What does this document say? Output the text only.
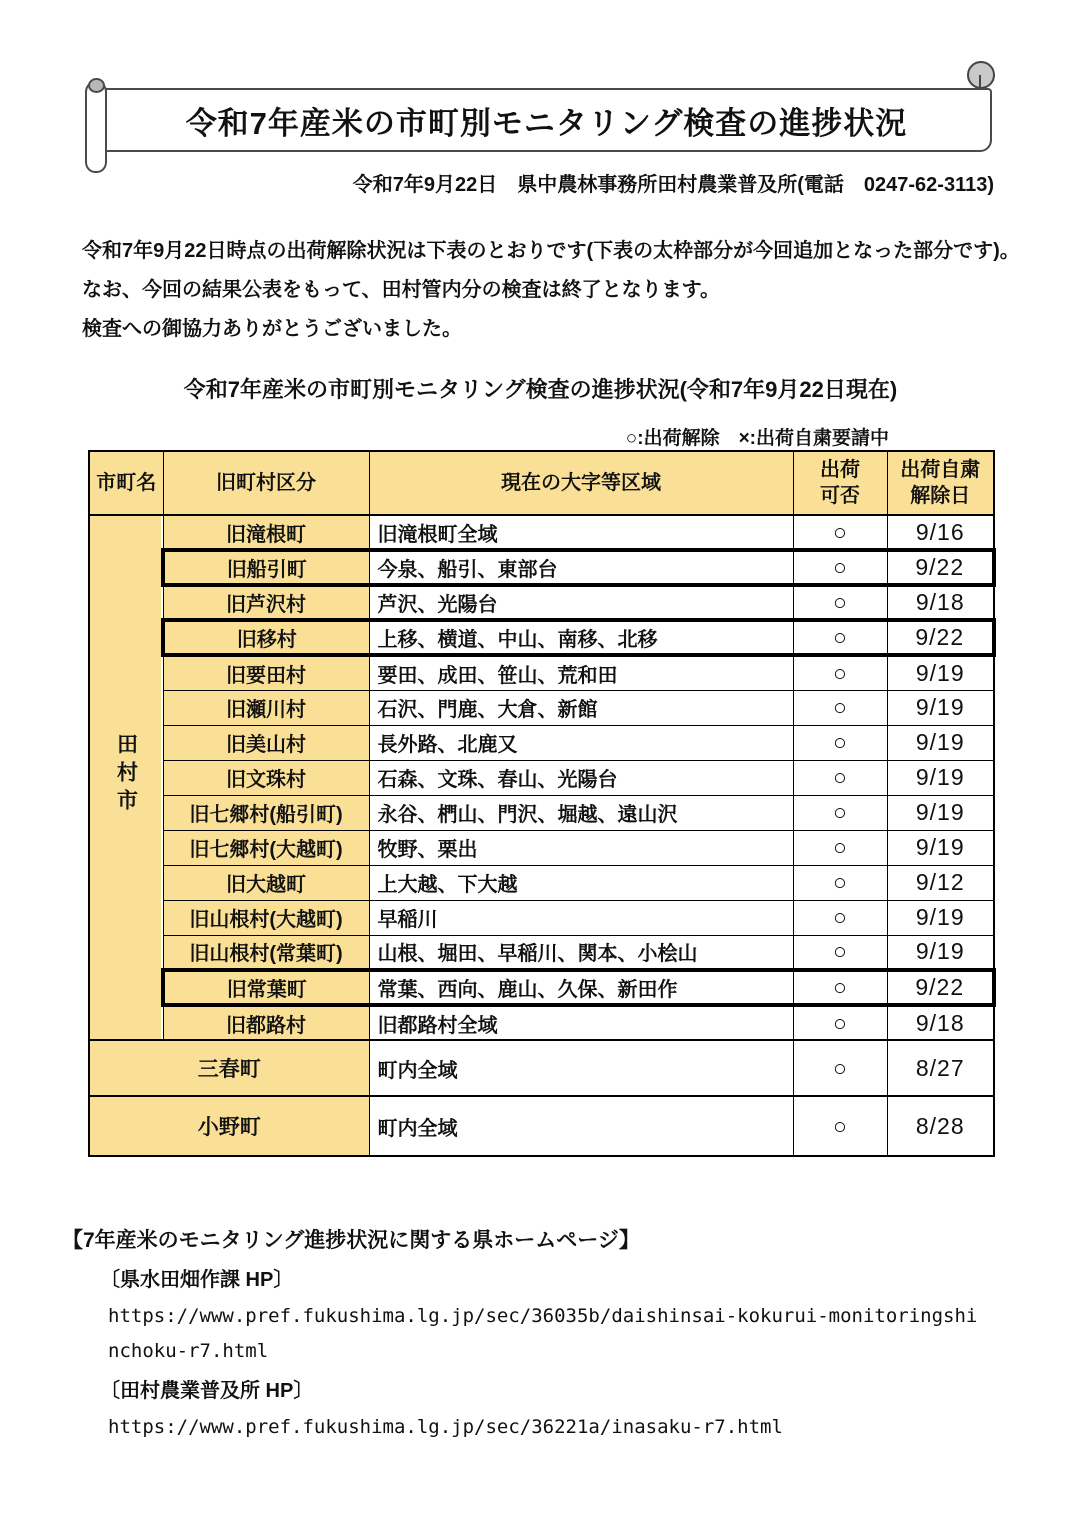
令和7年産米の市町別モニタリング検査の進捗状況
令和7年9月22日　県中農林事務所田村農業普及所(電話　0247-62-3113)

　令和7年9月22日時点の出荷解除状況は下表のとおりです(下表の太枠部分が今回追加となった部分です)。

　なお、今回の結果公表をもって、田村管内分の検査は終了となります。

　検査への御協力ありがとうございました。

令和7年産米の市町別モニタリング検査の進捗状況(令和7年9月22日現在)
○:出荷解除　×:出荷自粛要請中
市町名	旧町村区分	現在の大字等区域	
出荷
可否

出荷自粛
解除日

田村市	旧滝根町	旧滝根町全域	○	9/16
	旧船引町	今泉、船引、東部台	○	9/22
	旧芦沢村	芦沢、光陽台	○	9/18
	旧移村	上移、横道、中山、南移、北移	○	9/22
	旧要田村	要田、成田、笹山、荒和田	○	9/19
	旧瀬川村	石沢、門鹿、大倉、新館	○	9/19
	旧美山村	長外路、北鹿又	○	9/19
	旧文珠村	石森、文珠、春山、光陽台	○	9/19
	旧七郷村(船引町)	永谷、椚山、門沢、堀越、遠山沢	○	9/19
	旧七郷村(大越町)	牧野、栗出	○	9/19
	旧大越町	上大越、下大越	○	9/12
	旧山根村(大越町)	早稲川	○	9/19
	旧山根村(常葉町)	山根、堀田、早稲川、関本、小桧山	○	9/19
	旧常葉町	常葉、西向、鹿山、久保、新田作	○	9/22
	旧都路村	旧都路村全域	○	9/18
三春町		町内全域	○	8/27
小野町		町内全域	○	8/28
【7年産米のモニタリング進捗状況に関する県ホームページ】
〔県水田畑作課 HP〕
https://www.pref.fukushima.lg.jp/sec/36035b/daishinsai-kokurui-monitoringshinchoku-r7.html
〔田村農業普及所 HP〕
https://www.pref.fukushima.lg.jp/sec/36221a/inasaku-r7.html
